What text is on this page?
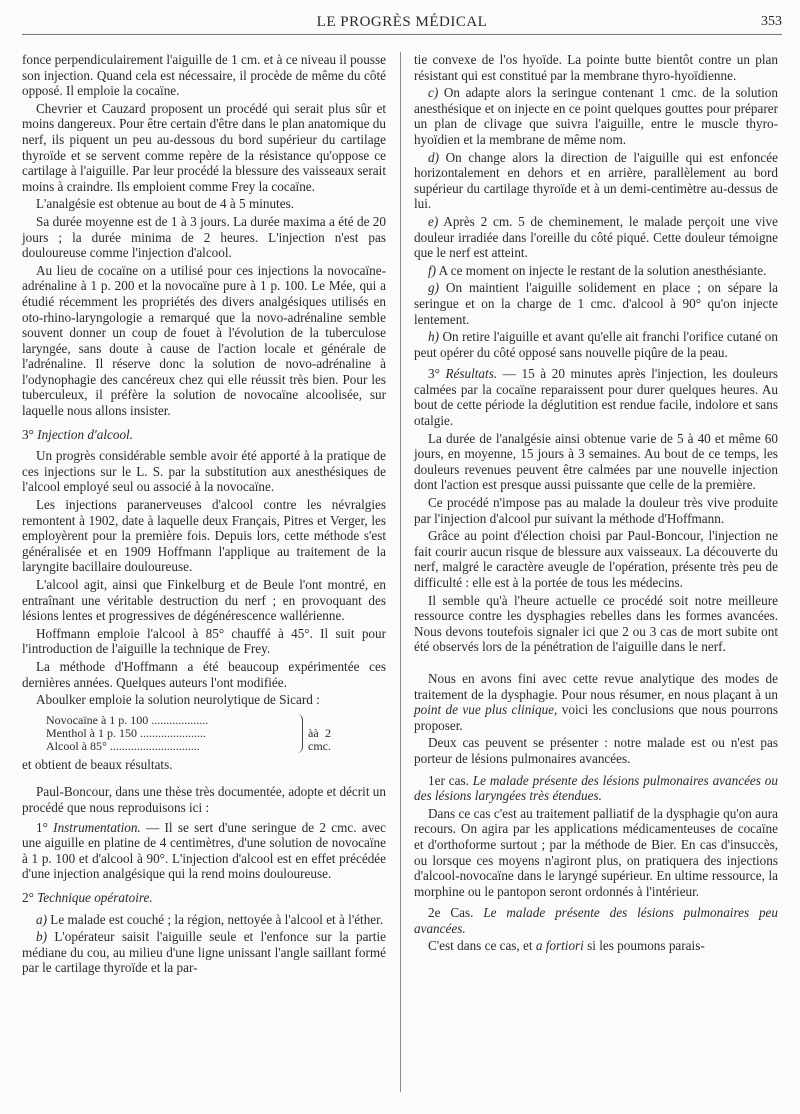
LE PROGRÈS MÉDICAL	353

fonce perpendiculairement l'aiguille de 1 cm. et à ce niveau il pousse son injection. Quand cela est nécessaire, il procède de même du côté opposé. Il emploie la cocaïne.

Chevrier et Cauzard proposent un procédé qui serait plus sûr et moins dangereux. Pour être certain d'être dans le plan anatomique du nerf, ils piquent un peu au-dessous du bord supérieur du cartilage thyroïde et se servent comme repère de la résistance qu'oppose ce cartilage à l'aiguille. Par leur procédé la blessure des vaisseaux serait moins à craindre. Ils emploient comme Frey la cocaïne.

L'analgésie est obtenue au bout de 4 à 5 minutes.

Sa durée moyenne est de 1 à 3 jours. La durée maxima a été de 20 jours ; la durée minima de 2 heures. L'injection n'est pas douloureuse comme l'injection d'alcool.

Au lieu de cocaïne on a utilisé pour ces injections la novocaïne-adrénaline à 1 p. 200 et la novocaïne pure à 1 p. 100. Le Mée, qui a étudié récemment les propriétés des divers analgésiques utilisés en oto-rhino-laryngologie a remarqué que la novo-adrénaline semble souvent donner un coup de fouet à l'évolution de la tuberculose laryngée, sans doute à cause de l'action locale et générale de l'adrénaline. Il réserve donc la solution de novo-adrénaline à l'odynophagie des cancéreux chez qui elle réussit très bien. Pour les tuberculeux, il préfère la solution de novocaïne alcoolisée, sur laquelle nous allons insister.

3° Injection d'alcool.

Un progrès considérable semble avoir été apporté à la pratique de ces injections sur le L. S. par la substitution aux anesthésiques de l'alcool employé seul ou associé à la novocaïne.

Les injections paranerveuses d'alcool contre les névralgies remontent à 1902, date à laquelle deux Français, Pitres et Verger, les employèrent pour la première fois. Depuis lors, cette méthode s'est généralisée et en 1909 Hoffmann l'applique au traitement de la laryngite bacillaire douloureuse.

L'alcool agit, ainsi que Finkelburg et de Beule l'ont montré, en entraînant une véritable destruction du nerf ; en provoquant des lésions lentes et progressives de dégénérescence wallérienne.

Hoffmann emploie l'alcool à 85° chauffé à 45°. Il suit pour l'introduction de l'aiguille la technique de Frey.

La méthode d'Hoffmann a été beaucoup expérimentée ces dernières années. Quelques auteurs l'ont modifiée.

Aboulker emploie la solution neurolytique de Sicard :

Novocaïne à 1 p. 100 ...................
Menthol à 1 p. 150 ......................
Alcool à 85° ..............................
àà 2 cmc.

et obtient de beaux résultats.

Paul-Boncour, dans une thèse très documentée, adopte et décrit un procédé que nous reproduisons ici :

1° Instrumentation. — Il se sert d'une seringue de 2 cmc. avec une aiguille en platine de 4 centimètres, d'une solution de novocaïne à 1 p. 100 et d'alcool à 90°. L'injection d'alcool est en effet précédée d'une injection analgésique qui la rend moins douloureuse.

2° Technique opératoire.

a) Le malade est couché ; la région, nettoyée à l'alcool et à l'éther.

b) L'opérateur saisit l'aiguille seule et l'enfonce sur la partie médiane du cou, au milieu d'une ligne unissant l'angle saillant formé par le cartilage thyroïde et la par-

tie convexe de l'os hyoïde. La pointe butte bientôt contre un plan résistant qui est constitué par la membrane thyro-hyoïdienne.

c) On adapte alors la seringue contenant 1 cmc. de la solution anesthésique et on injecte en ce point quelques gouttes pour préparer un plan de clivage que suivra l'aiguille, entre le muscle thyro-hyoïdien et la membrane de même nom.

d) On change alors la direction de l'aiguille qui est enfoncée horizontalement en dehors et en arrière, parallèlement au bord supérieur du cartilage thyroïde et à un demi-centimètre au-dessus de lui.

e) Après 2 cm. 5 de cheminement, le malade perçoit une vive douleur irradiée dans l'oreille du côté piqué. Cette douleur témoigne que le nerf est atteint.

f) A ce moment on injecte le restant de la solution anesthésiante.

g) On maintient l'aiguille solidement en place ; on sépare la seringue et on la charge de 1 cmc. d'alcool à 90° qu'on injecte lentement.

h) On retire l'aiguille et avant qu'elle ait franchi l'orifice cutané on peut opérer du côté opposé sans nouvelle piqûre de la peau.

3° Résultats. — 15 à 20 minutes après l'injection, les douleurs calmées par la cocaïne reparaissent pour durer quelques heures. Au bout de cette période la déglutition est rendue facile, indolore et sans otalgie.

La durée de l'analgésie ainsi obtenue varie de 5 à 40 et même 60 jours, en moyenne, 15 jours à 3 semaines. Au bout de ce temps, les douleurs revenues peuvent être calmées par une nouvelle injection dont l'action est presque aussi puissante que celle de la première.

Ce procédé n'impose pas au malade la douleur très vive produite par l'injection d'alcool pur suivant la méthode d'Hoffmann.

Grâce au point d'élection choisi par Paul-Boncour, l'injection ne fait courir aucun risque de blessure aux vaisseaux. La découverte du nerf, malgré le caractère aveugle de l'opération, présente très peu de difficulté : elle est à la portée de tous les médecins.

Il semble qu'à l'heure actuelle ce procédé soit notre meilleure ressource contre les dysphagies rebelles dans les formes avancées. Nous devons toutefois signaler ici que 2 ou 3 cas de mort subite ont été observés lors de la pénétration de l'aiguille dans le nerf.

Nous en avons fini avec cette revue analytique des modes de traitement de la dysphagie. Pour nous résumer, en nous plaçant à un point de vue plus clinique, voici les conclusions que nous pourrons proposer.

Deux cas peuvent se présenter : notre malade est ou n'est pas porteur de lésions pulmonaires avancées.

1er cas. Le malade présente des lésions pulmonaires avancées ou des lésions laryngées très étendues.

Dans ce cas c'est au traitement palliatif de la dysphagie qu'on aura recours. On agira par les applications médicamenteuses de cocaïne et d'orthoforme surtout ; par la méthode de Bier. En cas d'insuccès, ou lorsque ces moyens n'agiront plus, on pratiquera des injections d'alcool-novocaïne dans le laryngé supérieur. En ultime ressource, la morphine ou le pantopon seront ordonnés à l'intérieur.

2e Cas. Le malade présente des lésions pulmonaires peu avancées.

C'est dans ce cas, et a fortiori si les poumons parais-
